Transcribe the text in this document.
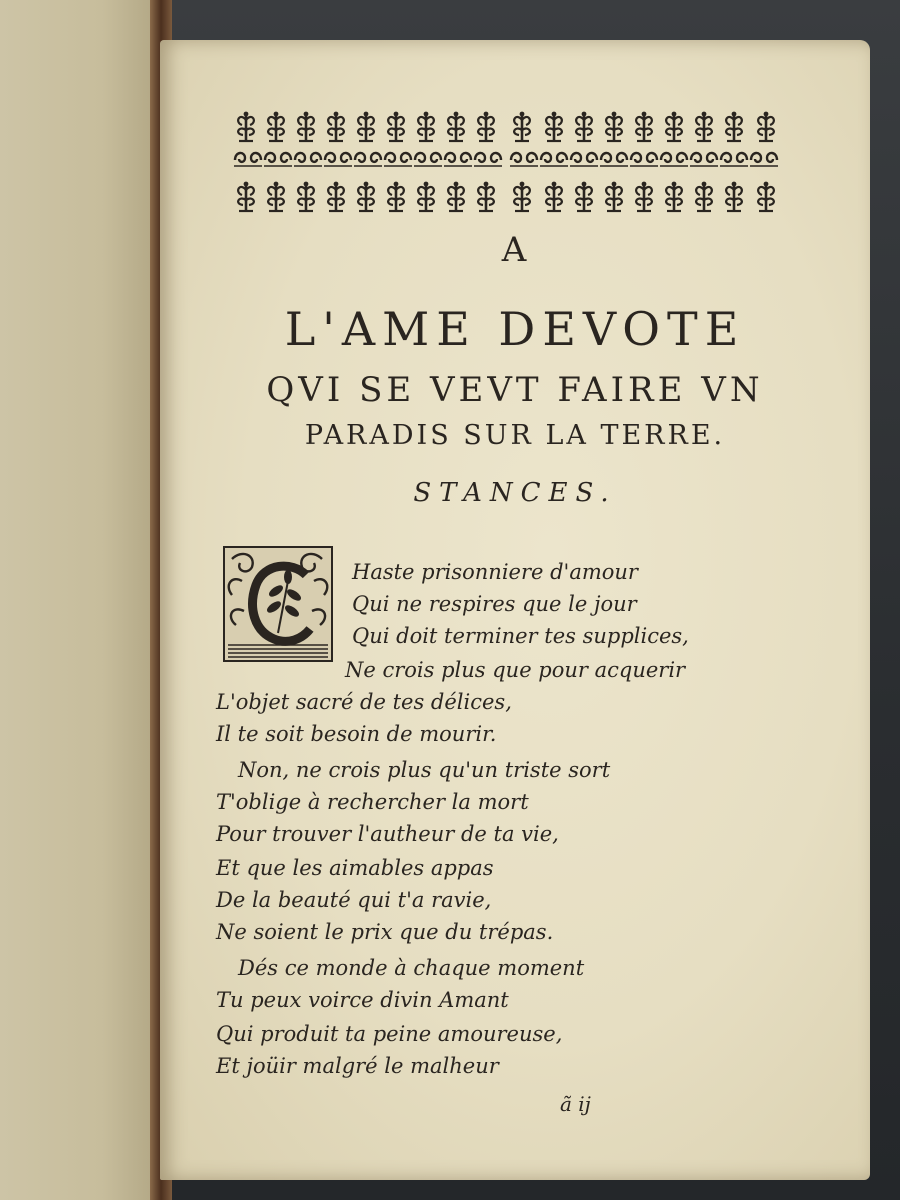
A
L'AME DEVOTE
QVI SE VEVT FAIRE VN
PARADIS SUR LA TERRE.
STANCES.
Haste prisonniere d'amour
Qui ne respires que le jour
Qui doit terminer tes supplices,
Ne crois plus que pour acquerir
L'objet sacré de tes délices,
Il te soit besoin de mourir.
Non, ne crois plus qu'un triste sort
T'oblige à rechercher la mort
Pour trouver l'autheur de ta vie,
Et que les aimables appas
De la beauté qui t'a ravie,
Ne soient le prix que du trépas.
Dés ce monde à chaque moment
Tu peux voirce divin Amant
Qui produit ta peine amoureuse,
Et joüir malgré le malheur
ã ij
